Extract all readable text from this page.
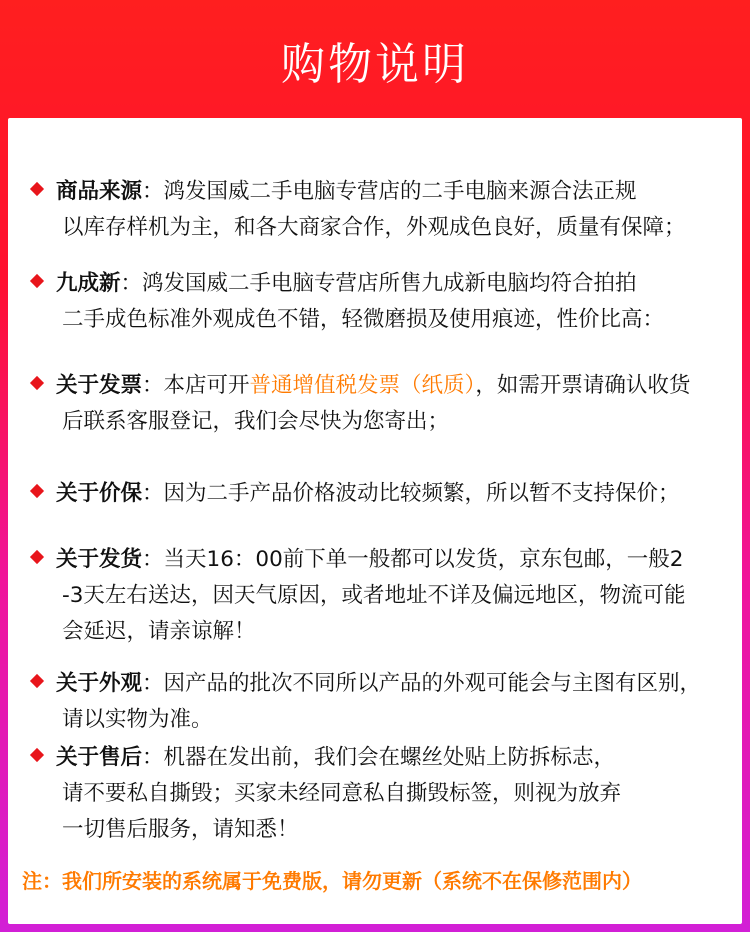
购物说明
商品来源：鸿发国威二手电脑专营店的二手电脑来源合法正规
以库存样机为主，和各大商家合作，外观成色良好，质量有保障；
九成新：鸿发国威二手电脑专营店所售九成新电脑均符合拍拍
二手成色标准外观成色不错，轻微磨损及使用痕迹，性价比高：
关于发票：本店可开普通增值税发票（纸质），如需开票请确认收货
后联系客服登记，我们会尽快为您寄出；
关于价保：因为二手产品价格波动比较频繁，所以暂不支持保价；
关于发货：当天16：00前下单一般都可以发货，京东包邮，一般2
-3天左右送达，因天气原因，或者地址不详及偏远地区，物流可能
会延迟，请亲谅解！
关于外观：因产品的批次不同所以产品的外观可能会与主图有区别，
请以实物为准。
关于售后：机器在发出前，我们会在螺丝处贴上防拆标志，
请不要私自撕毁；买家未经同意私自撕毁标签，则视为放弃
一切售后服务，请知悉！
注：我们所安装的系统属于免费版，请勿更新（系统不在保修范围内）
